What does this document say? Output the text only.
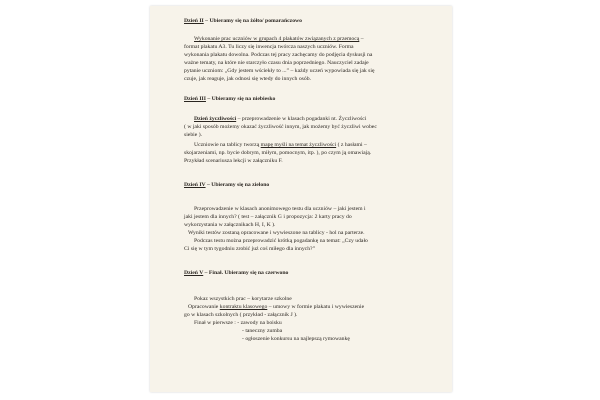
Dzień II – Ubieramy się na żółto/ pomarańczowo
Wykonanie prac uczniów w grupach 4 plakatów związanych z przemocą –
format plakatu A3. Tu liczy się inwencja twórcza naszych uczniów. Forma
wykonania plakatu dowolna. Podczas tej pracy zachęcamy do podjęcia dyskusji na
ważne tematy, na które nie starczyło czasu dnia poprzedniego. Nauczyciel zadaje
pytanie uczniom: „Gdy jestem wściekły to ...” – każdy uczeń wypowiada się jak się
czuje, jak reaguje, jak odnosi się wtedy do innych osób.
Dzień III – Ubieramy się na niebiesko
Dzień życzliwości – przeprowadzenie w klasach pogadanki nt. Życzliwości
( w jaki sposób możemy okazać życzliwość innym, jak możemy być życzliwi wobec
siebie ).
Uczniowie na tablicy tworzą mapę myśli na temat życzliwości ( z hasłami –
skojarzeniami, np. bycie dobrym, miłym, pomocnym, itp. ), po czym ją omawiają.
Przykład scenariusza lekcji w załączniku F.
Dzień IV – Ubieramy się na zielono
Przeprowadzenie w klasach anonimowego testu dla uczniów – jaki jestem i
jaki jestem dla innych? ( test – załącznik G i propozycja: 2 karty pracy do
wykorzystania w załącznikach H, I, K ).
Wyniki testów zostaną opracowane i wywieszone na tablicy - hol na parterze.
Podczas testu można przeprowadzić krótką pogadankę na temat: „Czy udało
Ci się w tym tygodniu zrobić już coś miłego dla innych?”
Dzień V – Finał. Ubieramy się na czerwono
Pokaz wszystkich prac – korytarze szkolne
Opracowanie kontraktu klasowego – umowy w formie plakatu i wywieszenie
go w klasach szkolnych ( przykład - załącznik J ).
Finał w pierwsze : - zawody na boisku
- taneczny zumba
- ogłoszenie konkursu na najlepszą rymowankę
